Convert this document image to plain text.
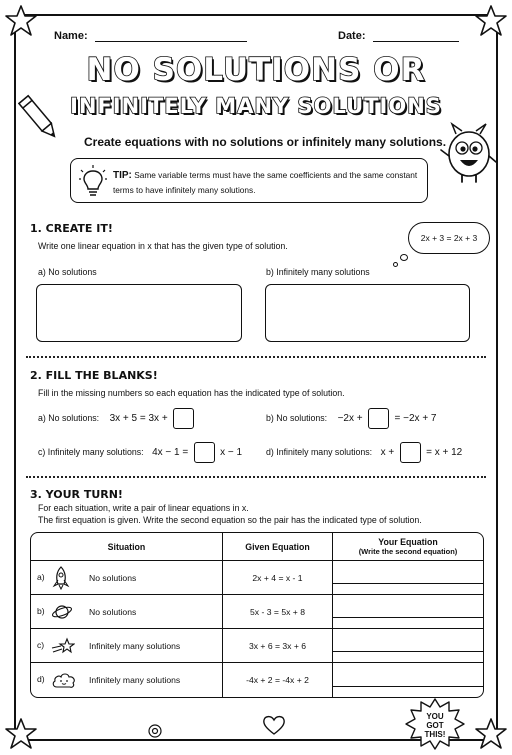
Name:	Date:
NO SOLUTIONS OR
INFINITELY MANY SOLUTIONS
Create equations with no solutions or infinitely many solutions.
TIP: Same variable terms must have the same coefficients and the same constant terms to have infinitely many solutions.
1. CREATE IT!
Write one linear equation in x that has the given type of solution.
2x + 3 = 2x + 3
a) No solutions	b) Infinitely many solutions
2. FILL THE BLANKS!
Fill in the missing numbers so each equation has the indicated type of solution.
a) No solutions: 3x + 5 = 3x +	b) No solutions: −2x +	= −2x + 7
c) Infinitely many solutions: 4x − 1 =	x − 1	d) Infinitely many solutions: x +	= x + 12
3. YOUR TURN!
For each situation, write a pair of linear equations in x.
The first equation is given. Write the second equation so the pair has the indicated type of solution.
Situation		Given Equation	Your Equation
(Write the second equation)

a)	No solutions	2x + 4 = x - 1	

b)	No solutions	5x - 3 = 5x + 8	

c)	Infinitely many solutions	3x + 6 = 3x + 6	

d)	Infinitely many solutions	-4x + 2 = -4x + 2	
YOU
GOT
THIS!
